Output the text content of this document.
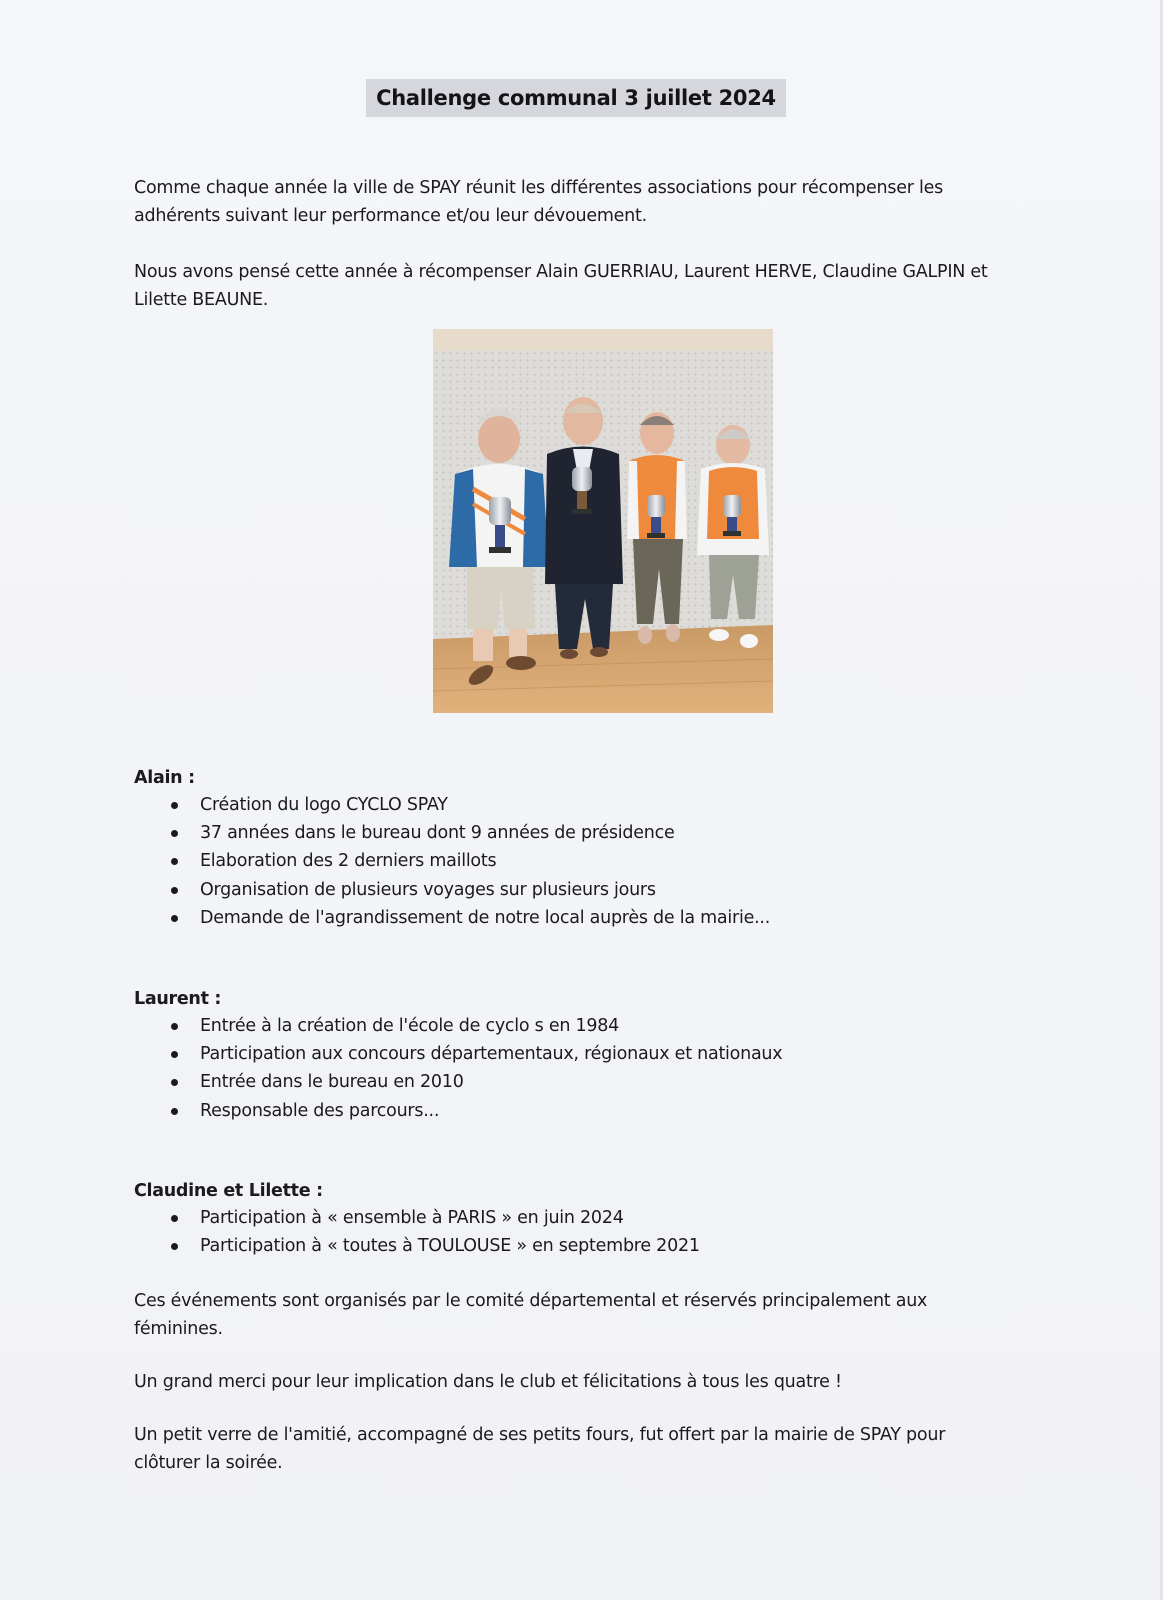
Challenge communal 3 juillet 2024
Comme chaque année la ville de SPAY réunit les différentes associations pour récompenser les adhérents suivant leur performance et/ou leur dévouement.
Nous avons pensé cette année à récompenser Alain GUERRIAU, Laurent HERVE, Claudine GALPIN et Lilette BEAUNE.
Alain :
Création du logo CYCLO SPAY
37 années dans le bureau dont 9 années de présidence
Elaboration des 2 derniers maillots
Organisation de plusieurs voyages sur plusieurs jours
Demande de l'agrandissement de notre local auprès de la mairie...
Laurent :
Entrée à la création de l'école de cyclo s en 1984
Participation aux concours départementaux, régionaux et nationaux
Entrée dans le bureau en 2010
Responsable des parcours...
Claudine et Lilette :
Participation à « ensemble à PARIS » en juin 2024
Participation à « toutes à TOULOUSE » en septembre 2021
Ces événements sont organisés par le comité départemental et réservés principalement aux féminines.
Un grand merci pour leur implication dans le club et félicitations à tous les quatre !
Un petit verre de l'amitié, accompagné de ses petits fours, fut offert par la mairie de SPAY pour clôturer la soirée.
